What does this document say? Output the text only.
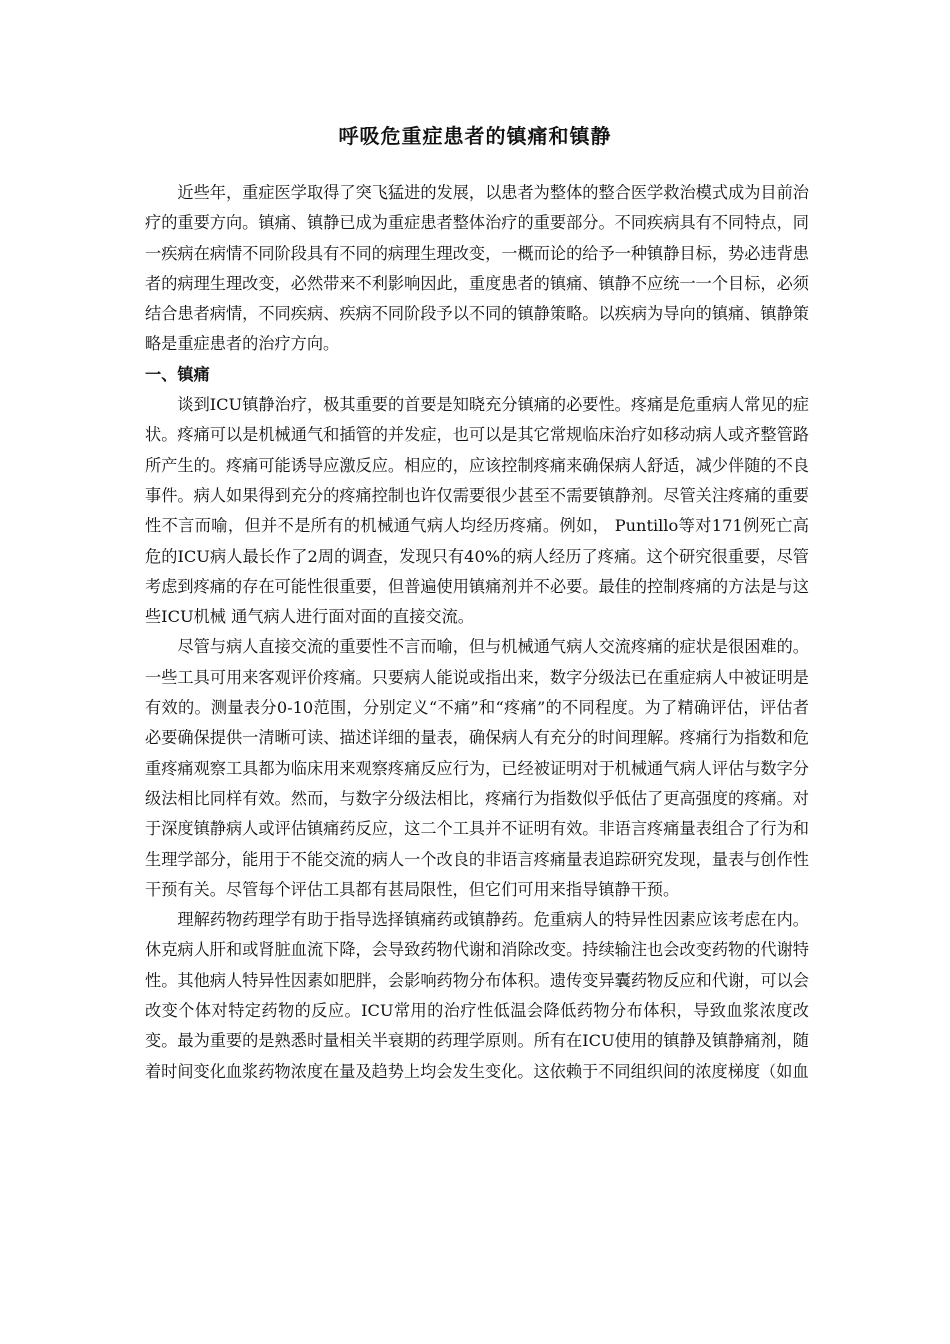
呼吸危重症患者的镇痛和镇静

近些年，重症医学取得了突飞猛进的发展，以患者为整体的整合医学救治模式成为目前治疗的重要方向。镇痛、镇静已成为重症患者整体治疗的重要部分。不同疾病具有不同特点，同一疾病在病情不同阶段具有不同的病理生理改变，一概而论的给予一种镇静目标，势必违背患者的病理生理改变，必然带来不利影响因此，重度患者的镇痛、镇静不应统一一个目标，必须结合患者病情，不同疾病、疾病不同阶段予以不同的镇静策略。以疾病为导向的镇痛、镇静策略是重症患者的治疗方向。

一、镇痛

谈到ICU镇静治疗，极其重要的首要是知晓充分镇痛的必要性。疼痛是危重病人常见的症状。疼痛可以是机械通气和插管的并发症，也可以是其它常规临床治疗如移动病人或齐整管路所产生的。疼痛可能诱导应激反应。相应的，应该控制疼痛来确保病人舒适，减少伴随的不良事件。病人如果得到充分的疼痛控制也许仅需要很少甚至不需要镇静剂。尽管关注疼痛的重要性不言而喻，但并不是所有的机械通气病人均经历疼痛。例如， Puntillo等对171例死亡高危的ICU病人最长作了2周的调查，发现只有40%的病人经历了疼痛。这个研究很重要，尽管考虑到疼痛的存在可能性很重要，但普遍使用镇痛剂并不必要。最佳的控制疼痛的方法是与这些ICU机械 通气病人进行面对面的直接交流。

尽管与病人直接交流的重要性不言而喻，但与机械通气病人交流疼痛的症状是很困难的。一些工具可用来客观评价疼痛。只要病人能说或指出来，数字分级法已在重症病人中被证明是有效的。测量表分0-10范围，分别定义“不痛”和“疼痛”的不同程度。为了精确评估，评估者必要确保提供一清晰可读、描述详细的量表，确保病人有充分的时间理解。疼痛行为指数和危重疼痛观察工具都为临床用来观察疼痛反应行为，已经被证明对于机械通气病人评估与数字分级法相比同样有效。然而，与数字分级法相比，疼痛行为指数似乎低估了更高强度的疼痛。对于深度镇静病人或评估镇痛药反应，这二个工具并不证明有效。非语言疼痛量表组合了行为和生理学部分，能用于不能交流的病人一个改良的非语言疼痛量表追踪研究发现，量表与创作性干预有关。尽管每个评估工具都有甚局限性，但它们可用来指导镇静干预。

理解药物药理学有助于指导选择镇痛药或镇静药。危重病人的特异性因素应该考虑在内。休克病人肝和或肾脏血流下降，会导致药物代谢和消除改变。持续输注也会改变药物的代谢特性。其他病人特异性因素如肥胖，会影响药物分布体积。遗传变异囊药物反应和代谢，可以会改变个体对特定药物的反应。ICU常用的治疗性低温会降低药物分布体积，导致血浆浓度改变。最为重要的是熟悉时量相关半衰期的药理学原则。所有在ICU使用的镇静及镇静痛剂，随着时间变化血浆药物浓度在量及趋势上均会发生变化。这依赖于不同组织间的浓度梯度（如血
